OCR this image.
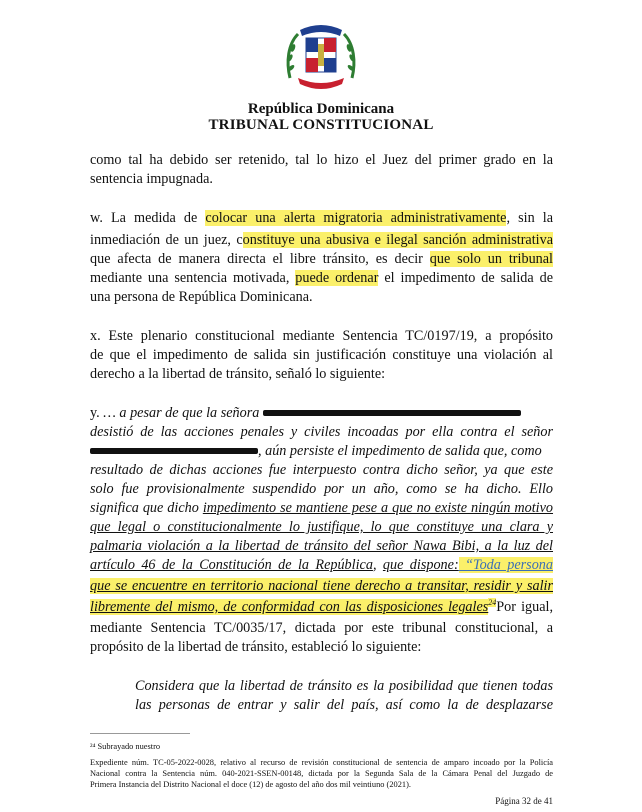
República Dominicana
TRIBUNAL CONSTITUCIONAL
como tal ha debido ser retenido, tal lo hizo el Juez del primer grado en la
sentencia impugnada.
w. La medida de colocar una alerta migratoria administrativamente, sin la
inmediación de un juez, constituye una abusiva e ilegal sanción administrativa
que afecta de manera directa el libre tránsito, es decir que solo un tribunal
mediante una sentencia motivada, puede ordenar el impedimento de salida de
una persona de República Dominicana.
x. Este plenario constitucional mediante Sentencia TC/0197/19, a propósito
de que el impedimento de salida sin justificación constituye una violación al
derecho a la libertad de tránsito, señaló lo siguiente:
y. … a pesar de que la señora
desistió de las acciones penales y civiles incoadas por ella contra el señor
, aún persiste el impedimento de salida que, como
resultado de dichas acciones fue interpuesto contra dicho señor, ya que este
solo fue provisionalmente suspendido por un año, como se ha dicho. Ello
significa que dicho impedimento se mantiene pese a que no existe ningún motivo
que legal o constitucionalmente lo justifique, lo que constituye una clara y
palmaria violación a la libertad de tránsito del señor Nawa Bibi, a la luz del
artículo 46 de la Constitución de la República, que dispone: “Toda persona
que se encuentre en territorio nacional tiene derecho a transitar, residir y salir
libremente del mismo, de conformidad con las disposiciones legales$^{24}$Por igual,
mediante Sentencia TC/0035/17, dictada por este tribunal constitucional, a
propósito de la libertad de tránsito, estableció lo siguiente:
Considera que la libertad de tránsito es la posibilidad que tienen todas
las personas de entrar y salir del país, así como la de desplazarse
²⁴ Subrayado nuestro
Expediente núm. TC-05-2022-0028, relativo al recurso de revisión constitucional de sentencia de amparo incoado por la Policía
Nacional contra la Sentencia núm. 040-2021-SSEN-00148, dictada por la Segunda Sala de la Cámara Penal del Juzgado de
Primera Instancia del Distrito Nacional el doce (12) de agosto del año dos mil veintiuno (2021).
Página 32 de 41
